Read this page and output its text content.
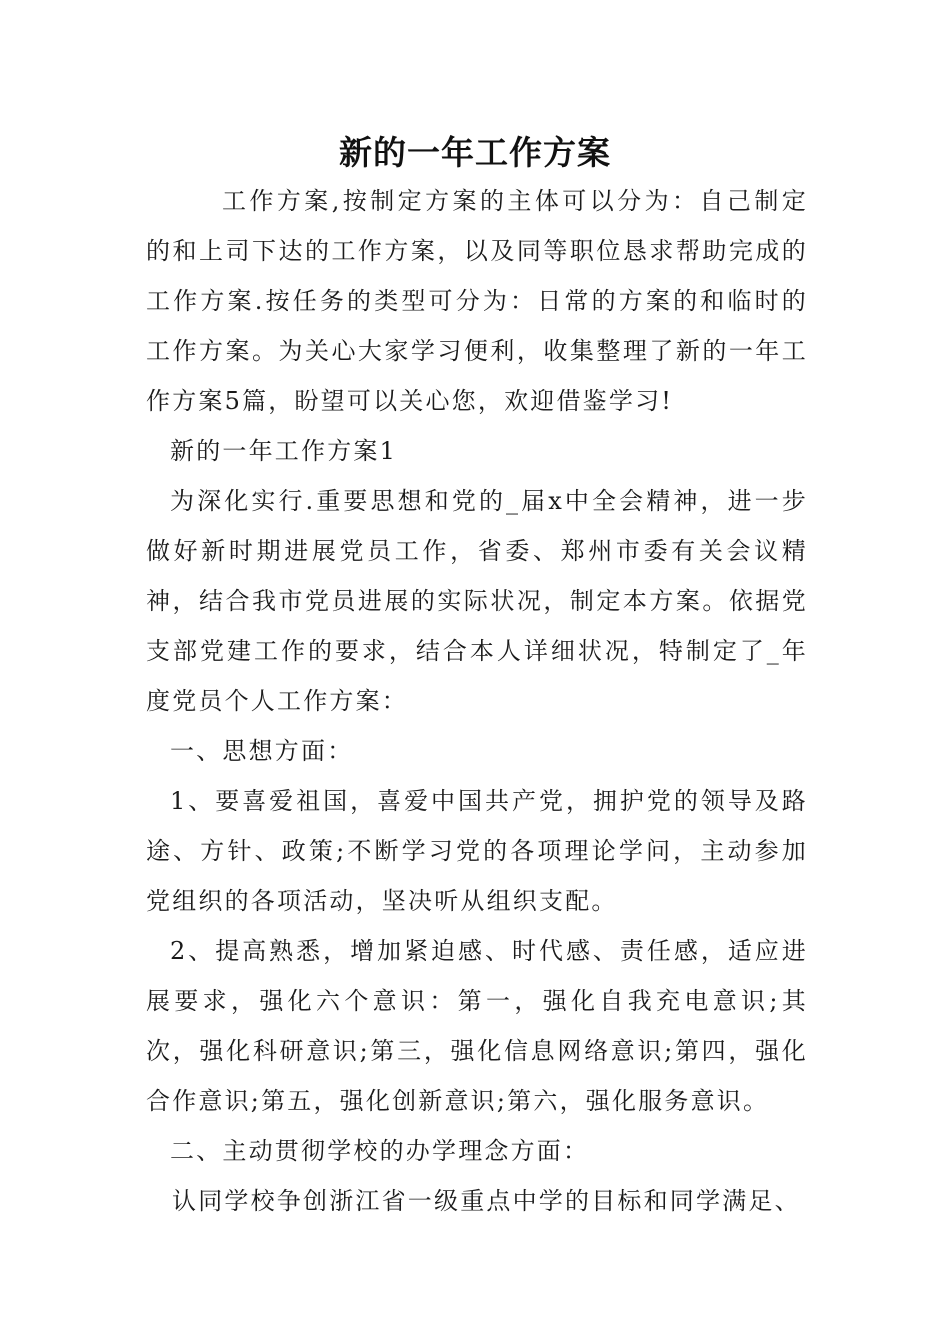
新的一年工作方案

工作方案,按制定方案的主体可以分为：自己制定的和上司下达的工作方案，以及同等职位恳求帮助完成的工作方案.按任务的类型可分为：日常的方案的和临时的工作方案。为关心大家学习便利，收集整理了新的一年工作方案5篇，盼望可以关心您，欢迎借鉴学习!

新的一年工作方案1

为深化实行.重要思想和党的_届x中全会精神，进一步做好新时期进展党员工作，省委、郑州市委有关会议精神，结合我市党员进展的实际状况，制定本方案。依据党支部党建工作的要求，结合本人详细状况，特制定了_年度党员个人工作方案：

一、思想方面：

1、要喜爱祖国，喜爱中国共产党，拥护党的领导及路途、方针、政策;不断学习党的各项理论学问，主动参加党组织的各项活动，坚决听从组织支配。

2、提高熟悉，增加紧迫感、时代感、责任感，适应进展要求，强化六个意识：第一，强化自我充电意识;其次，强化科研意识;第三，强化信息网络意识;第四，强化合作意识;第五，强化创新意识;第六，强化服务意识。

二、主动贯彻学校的办学理念方面：

认同学校争创浙江省一级重点中学的目标和同学满足、
